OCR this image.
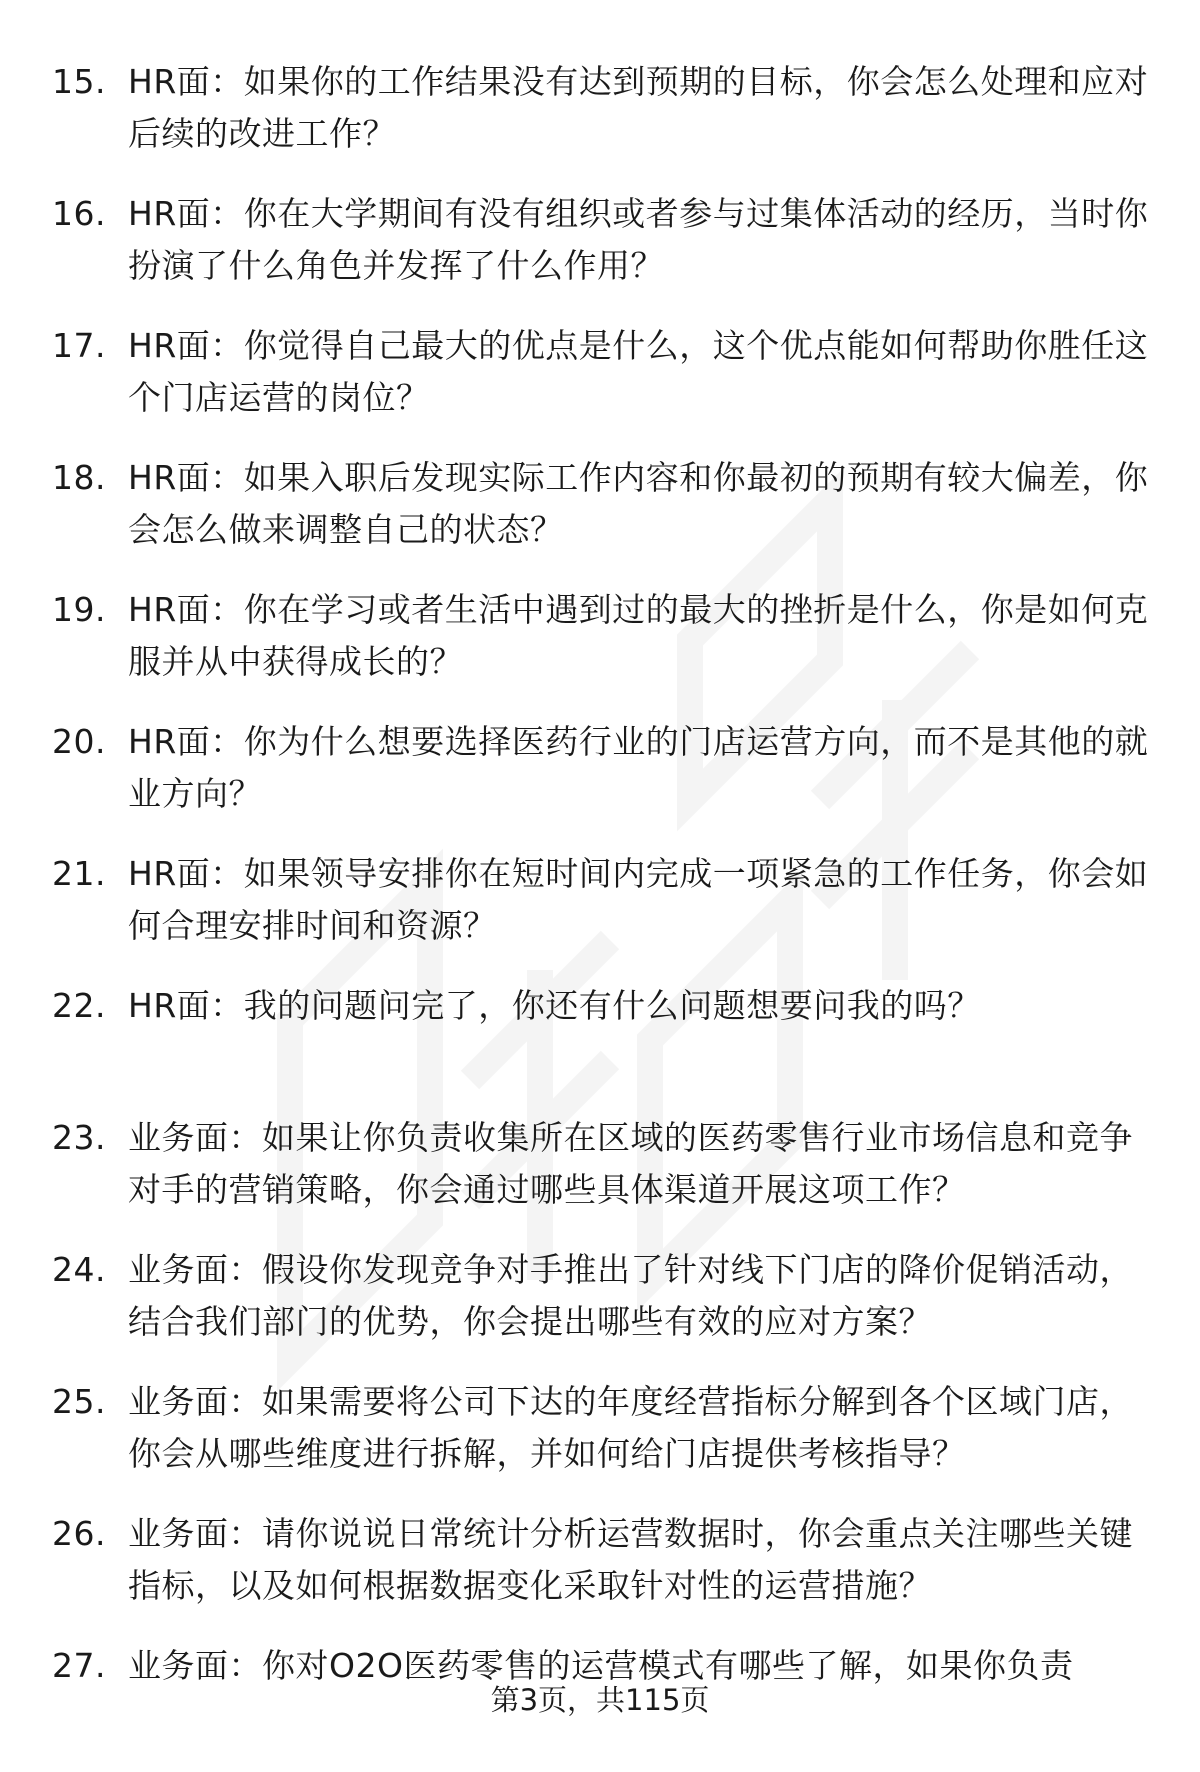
15. HR面：如果你的工作结果没有达到预期的目标，你会怎么处理和应对后续的改进工作？
16. HR面：你在大学期间有没有组织或者参与过集体活动的经历，当时你扮演了什么角色并发挥了什么作用？
17. HR面：你觉得自己最大的优点是什么，这个优点能如何帮助你胜任这个门店运营的岗位？
18. HR面：如果入职后发现实际工作内容和你最初的预期有较大偏差，你会怎么做来调整自己的状态？
19. HR面：你在学习或者生活中遇到过的最大的挫折是什么，你是如何克服并从中获得成长的？
20. HR面：你为什么想要选择医药行业的门店运营方向，而不是其他的就业方向？
21. HR面：如果领导安排你在短时间内完成一项紧急的工作任务，你会如何合理安排时间和资源？
22. HR面：我的问题问完了，你还有什么问题想要问我的吗？
23. 业务面：如果让你负责收集所在区域的医药零售行业市场信息和竞争对手的营销策略，你会通过哪些具体渠道开展这项工作？
24. 业务面：假设你发现竞争对手推出了针对线下门店的降价促销活动，结合我们部门的优势，你会提出哪些有效的应对方案？
25. 业务面：如果需要将公司下达的年度经营指标分解到各个区域门店，你会从哪些维度进行拆解，并如何给门店提供考核指导？
26. 业务面：请你说说日常统计分析运营数据时，你会重点关注哪些关键指标，以及如何根据数据变化采取针对性的运营措施？
27. 业务面：你对O2O医药零售的运营模式有哪些了解，如果你负责
第3页，共115页
